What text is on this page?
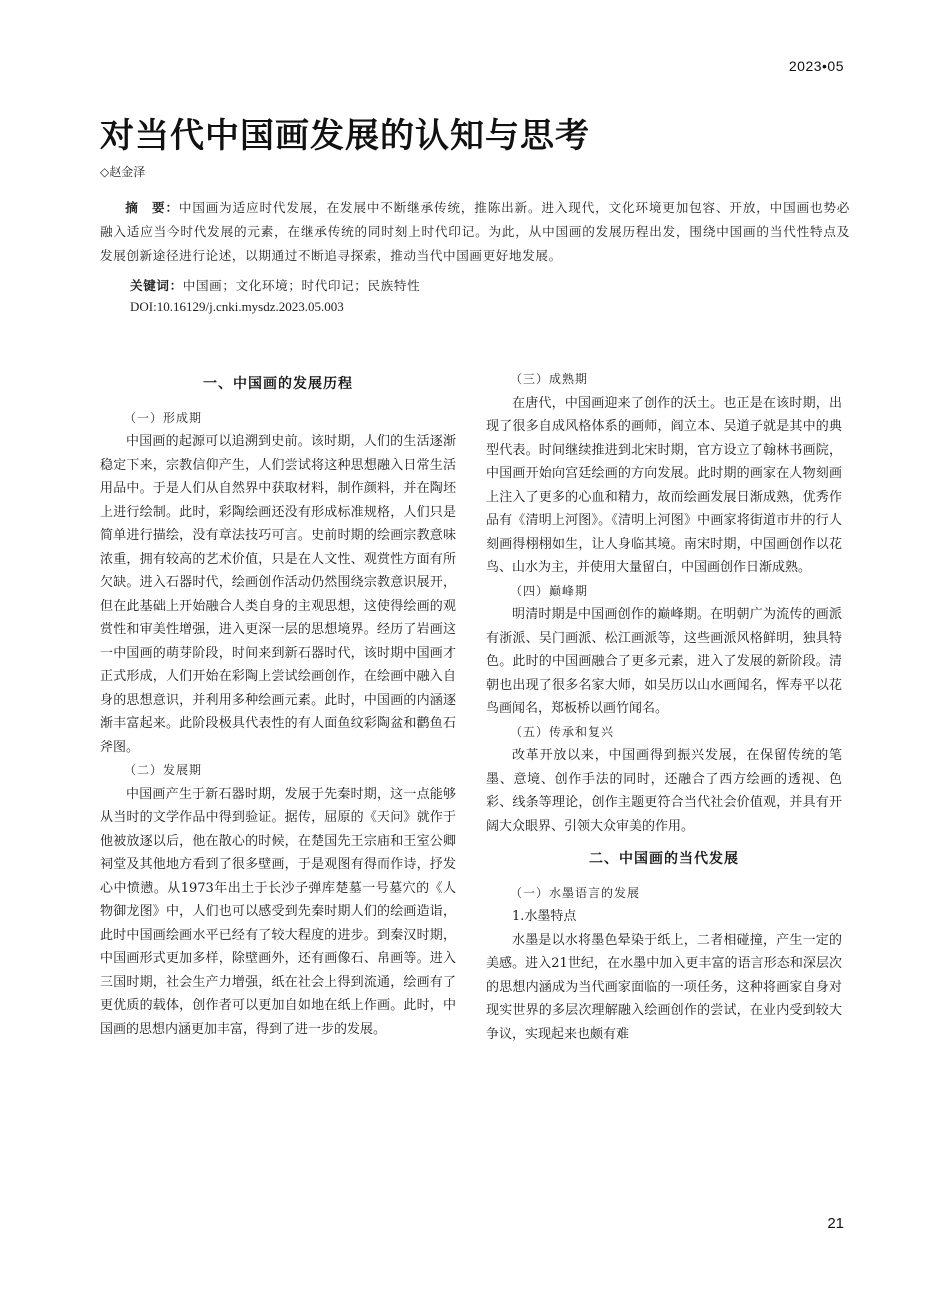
2023•05
对当代中国画发展的认知与思考
◇赵金泽

摘　要：中国画为适应时代发展，在发展中不断继承传统，推陈出新。进入现代，文化环境更加包容、开放，中国画也势必融入适应当今时代发展的元素，在继承传统的同时刻上时代印记。为此，从中国画的发展历程出发，围绕中国画的当代性特点及发展创新途径进行论述，以期通过不断追寻探索，推动当代中国画更好地发展。

关键词：中国画；文化环境；时代印记；民族特性
DOI:10.16129/j.cnki.mysdz.2023.05.003
一、中国画的发展历程
（一）形成期

中国画的起源可以追溯到史前。该时期，人们的生活逐渐稳定下来，宗教信仰产生，人们尝试将这种思想融入日常生活用品中。于是人们从自然界中获取材料，制作颜料，并在陶坯上进行绘制。此时，彩陶绘画还没有形成标准规格，人们只是简单进行描绘，没有章法技巧可言。史前时期的绘画宗教意味浓重，拥有较高的艺术价值，只是在人文性、观赏性方面有所欠缺。进入石器时代，绘画创作活动仍然围绕宗教意识展开，但在此基础上开始融合人类自身的主观思想，这使得绘画的观赏性和审美性增强，进入更深一层的思想境界。经历了岩画这一中国画的萌芽阶段，时间来到新石器时代，该时期中国画才正式形成，人们开始在彩陶上尝试绘画创作，在绘画中融入自身的思想意识，并利用多种绘画元素。此时，中国画的内涵逐渐丰富起来。此阶段极具代表性的有人面鱼纹彩陶盆和鹳鱼石斧图。

（二）发展期

中国画产生于新石器时期，发展于先秦时期，这一点能够从当时的文学作品中得到验证。据传，屈原的《天问》就作于他被放逐以后，他在散心的时候，在楚国先王宗庙和王室公卿祠堂及其他地方看到了很多壁画，于是观图有得而作诗，抒发心中愤懑。从1973年出土于长沙子弹库楚墓一号墓穴的《人物御龙图》中，人们也可以感受到先秦时期人们的绘画造诣，此时中国画绘画水平已经有了较大程度的进步。到秦汉时期，中国画形式更加多样，除壁画外，还有画像石、帛画等。进入三国时期，社会生产力增强，纸在社会上得到流通，绘画有了更优质的载体，创作者可以更加自如地在纸上作画。此时，中国画的思想内涵更加丰富，得到了进一步的发展。

（三）成熟期

在唐代，中国画迎来了创作的沃土。也正是在该时期，出现了很多自成风格体系的画师，阎立本、吴道子就是其中的典型代表。时间继续推进到北宋时期，官方设立了翰林书画院，中国画开始向宫廷绘画的方向发展。此时期的画家在人物刻画上注入了更多的心血和精力，故而绘画发展日渐成熟，优秀作品有《清明上河图》。《清明上河图》中画家将街道市井的行人刻画得栩栩如生，让人身临其境。南宋时期，中国画创作以花鸟、山水为主，并使用大量留白，中国画创作日渐成熟。

（四）巅峰期

明清时期是中国画创作的巅峰期。在明朝广为流传的画派有浙派、吴门画派、松江画派等，这些画派风格鲜明，独具特色。此时的中国画融合了更多元素，进入了发展的新阶段。清朝也出现了很多名家大师，如吴历以山水画闻名，恽寿平以花鸟画闻名，郑板桥以画竹闻名。

（五）传承和复兴

改革开放以来，中国画得到振兴发展，在保留传统的笔墨、意境、创作手法的同时，还融合了西方绘画的透视、色彩、线条等理论，创作主题更符合当代社会价值观，并具有开阔大众眼界、引领大众审美的作用。

二、中国画的当代发展
（一）水墨语言的发展
1.水墨特点

水墨是以水将墨色晕染于纸上，二者相碰撞，产生一定的美感。进入21世纪，在水墨中加入更丰富的语言形态和深层次的思想内涵成为当代画家面临的一项任务，这种将画家自身对现实世界的多层次理解融入绘画创作的尝试，在业内受到较大争议，实现起来也颇有难

21
